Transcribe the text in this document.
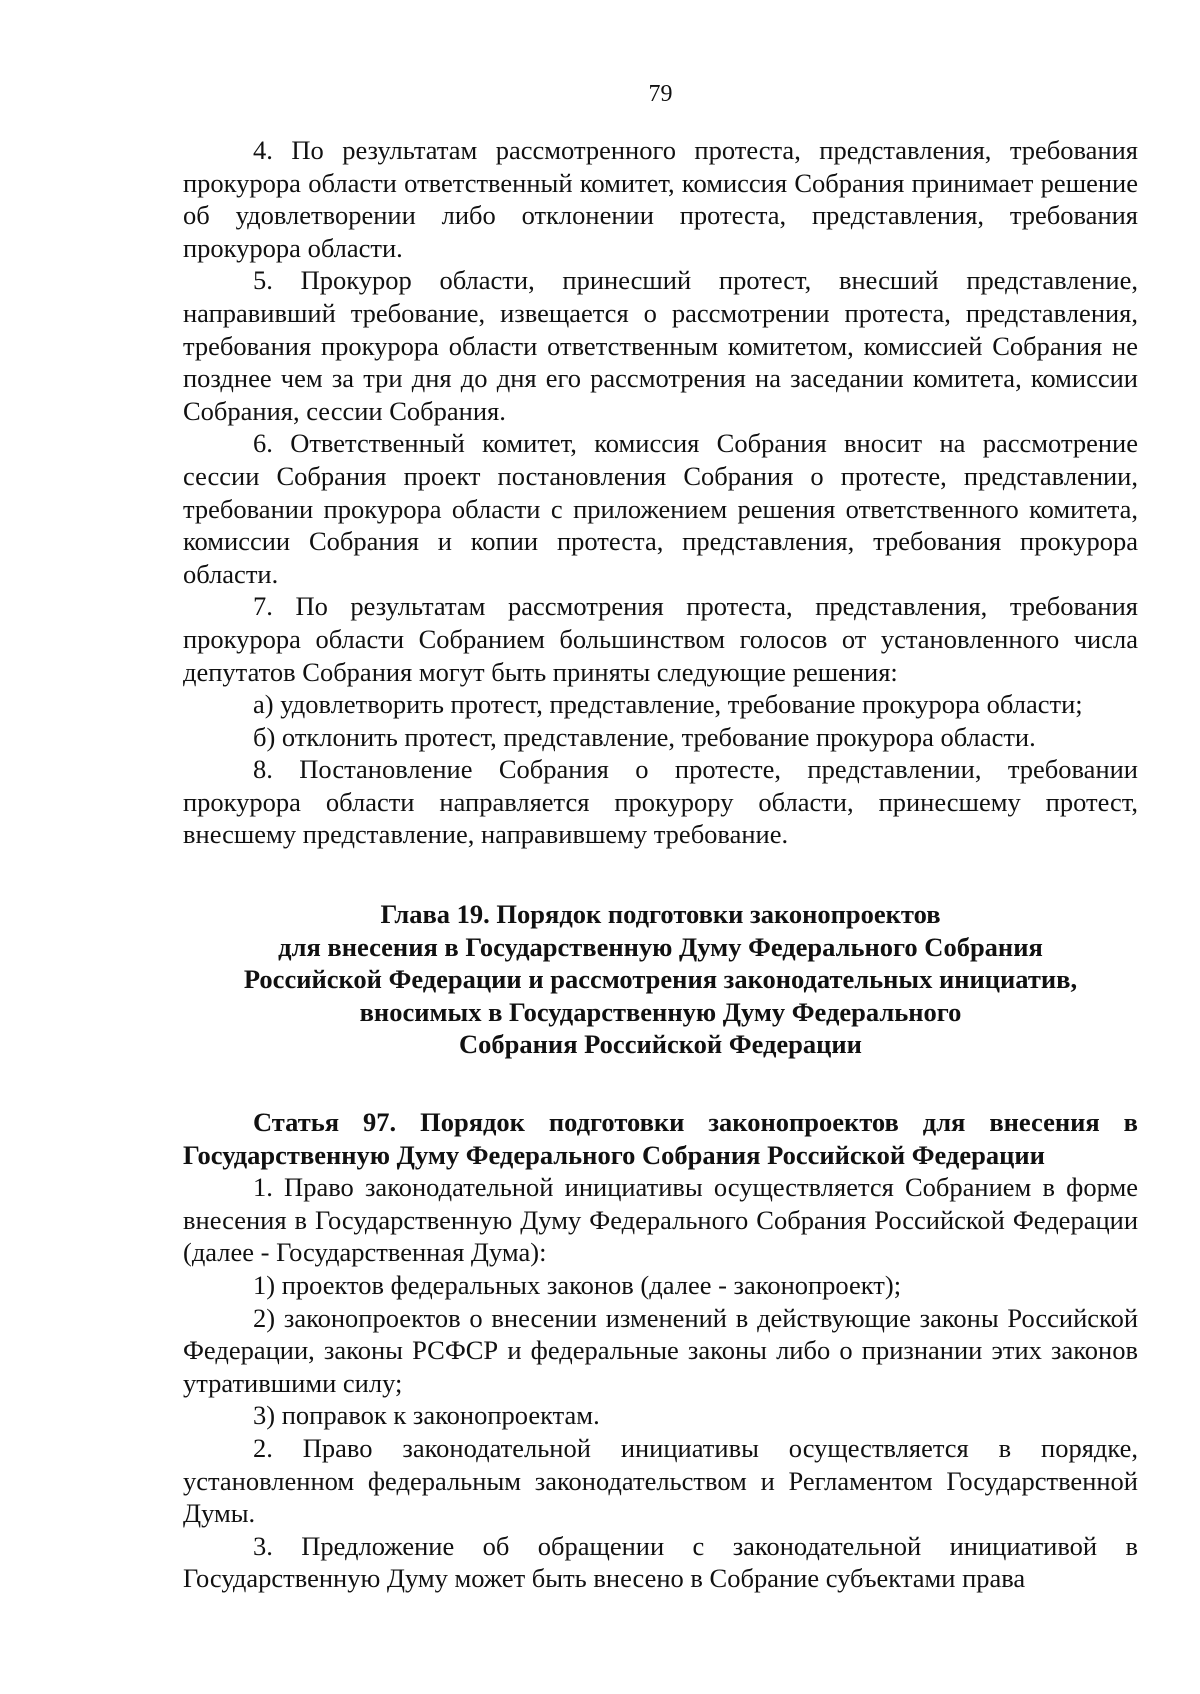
79

4. По результатам рассмотренного протеста, представления, требования прокурора области ответственный комитет, комиссия Собрания принимает решение об удовлетворении либо отклонении протеста, представления, требования прокурора области.

5. Прокурор области, принесший протест, внесший представление, направивший требование, извещается о рассмотрении протеста, представления, требования прокурора области ответственным комитетом, комиссией Собрания не позднее чем за три дня до дня его рассмотрения на заседании комитета, комиссии Собрания, сессии Собрания.

6. Ответственный комитет, комиссия Собрания вносит на рассмотрение сессии Собрания проект постановления Собрания о протесте, представлении, требовании прокурора области с приложением решения ответственного комитета, комиссии Собрания и копии протеста, представления, требования прокурора области.

7. По результатам рассмотрения протеста, представления, требования прокурора области Собранием большинством голосов от установленного числа депутатов Собрания могут быть приняты следующие решения:

а) удовлетворить протест, представление, требование прокурора области;

б) отклонить протест, представление, требование прокурора области.

8. Постановление Собрания о протесте, представлении, требовании прокурора области направляется прокурору области, принесшему протест, внесшему представление, направившему требование.

Глава 19. Порядок подготовки законопроектов
для внесения в Государственную Думу Федерального Собрания
Российской Федерации и рассмотрения законодательных инициатив,
вносимых в Государственную Думу Федерального
Собрания Российской Федерации
Статья 97. Порядок подготовки законопроектов для внесения в Государственную Думу Федерального Собрания Российской Федерации

1. Право законодательной инициативы осуществляется Собранием в форме внесения в Государственную Думу Федерального Собрания Российской Федерации (далее - Государственная Дума):

1) проектов федеральных законов (далее - законопроект);

2) законопроектов о внесении изменений в действующие законы Российской Федерации, законы РСФСР и федеральные законы либо о признании этих законов утратившими силу;

3) поправок к законопроектам.

2. Право законодательной инициативы осуществляется в порядке, установленном федеральным законодательством и Регламентом Государственной Думы.

3. Предложение об обращении с законодательной инициативой в Государственную Думу может быть внесено в Собрание субъектами права
